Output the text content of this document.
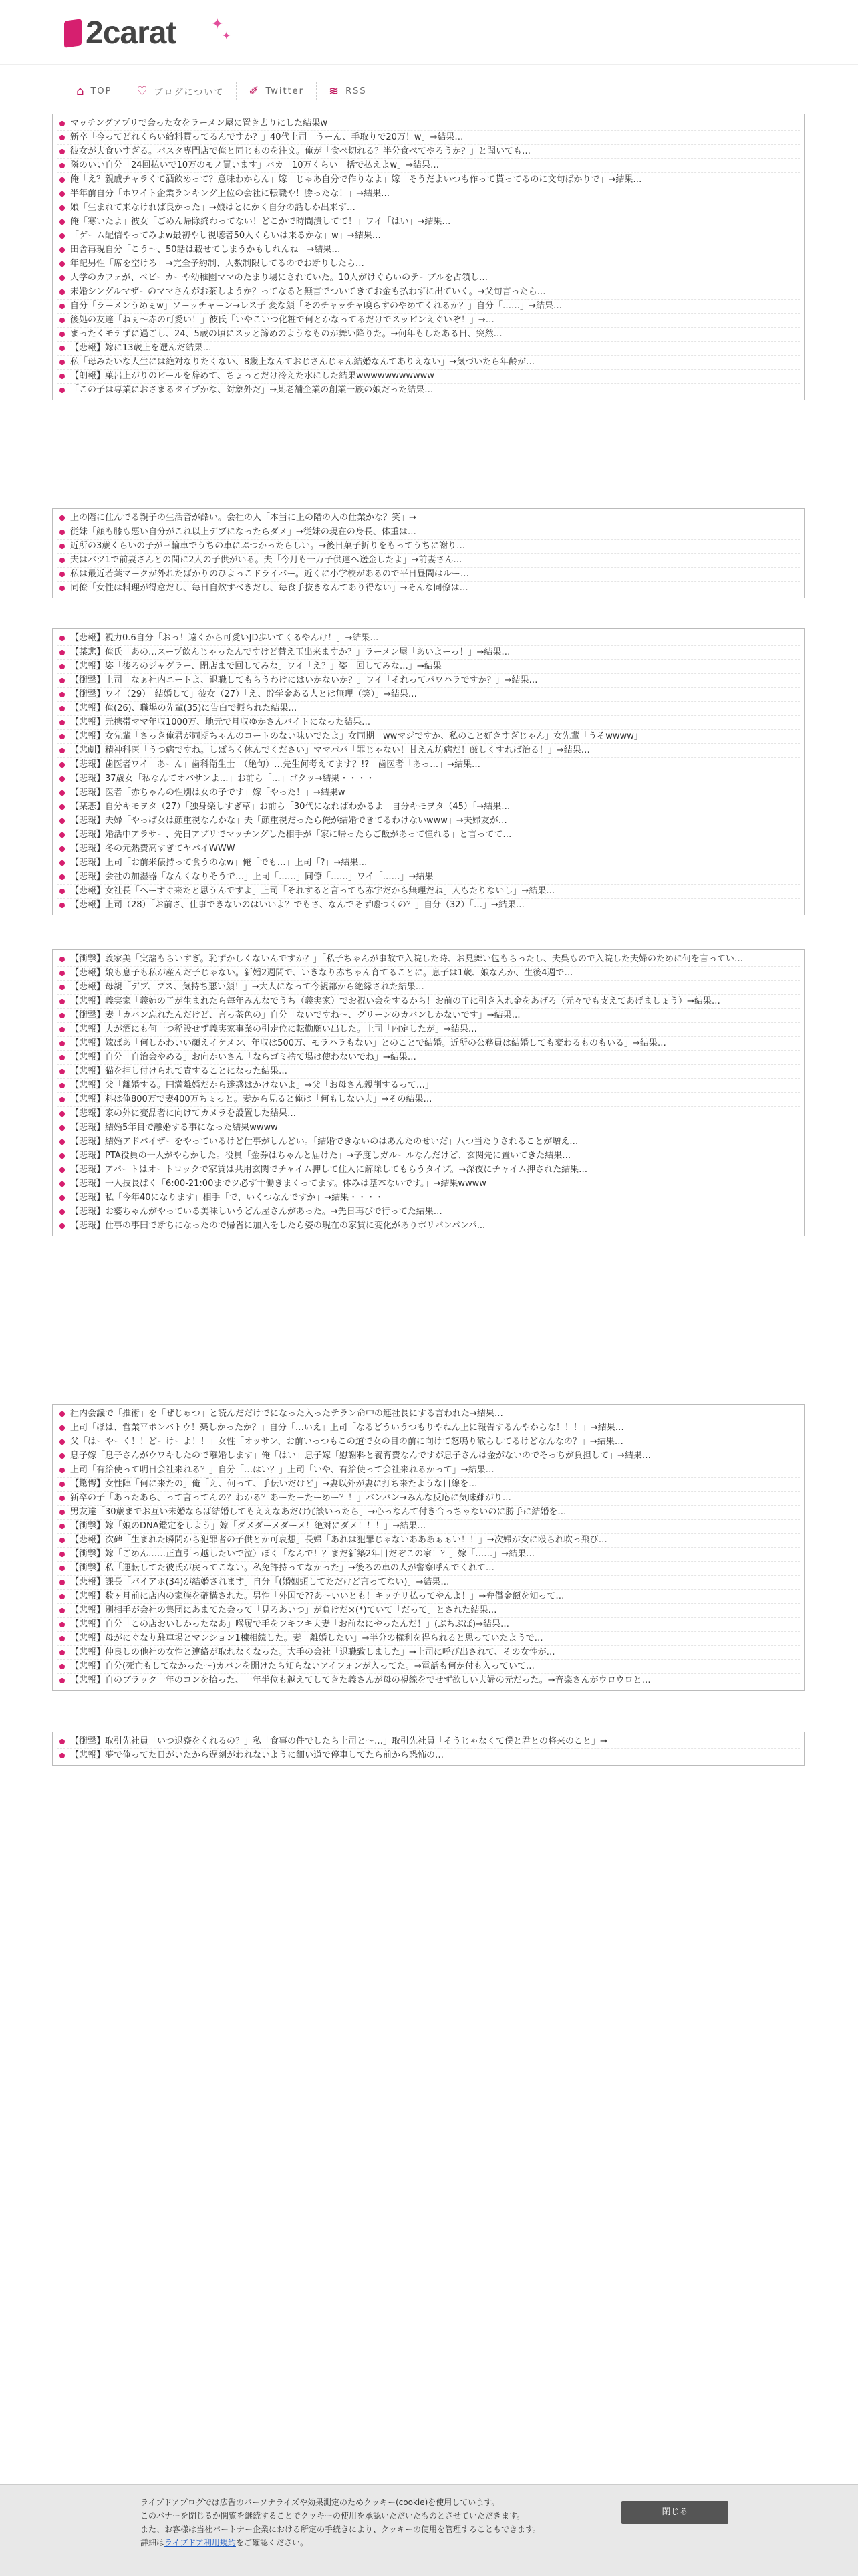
2carat ✦
✦
⌂ TOP ♡ ブログについて ✐ Twitter ≋ RSS
マッチングアプリで会った女をラーメン屋に置き去りにした結果w
新卒「今ってどれくらい給料貰ってるんですか？」40代上司「うーん、手取りで20万！w」→結果…
彼女が夫食いすぎる。パスタ専門店で俺と同じものを注文。俺が「食べ切れる？半分食べてやろうか？」と聞いても…
隣のいい自分「24回払いで10万のモノ買います」バカ「10万くらい一括で払えよw」→結果…
俺「え？親戚チャラくて酒飲めって？意味わからん」嫁「じゃあ自分で作りなよ」嫁「そうだよいつも作って貰ってるのに文句ばかりで」→結果…
半年前自分「ホワイト企業ランキング上位の会社に転職や！勝ったな！」→結果…
娘「生まれて来なければ良かった」→娘はとにかく自分の話しか出来ず…
俺「寒いたよ」彼女「ごめん帰除終わってない！どこかで時間潰してて！」ワイ「はい」→結果…
「ゲーム配信やってみよw最初やし視聴者50人くらいは来るかな」w」→結果…
田舎再現自分「こう〜、50話は載せてしまうかもしれんね」→結果…
年記男性「席を空けろ」→完全予約制、人数制限してるのでお断りしたら…
大学のカフェが、ベビーカーや幼稚園ママのたまり場にされていた。10人がけぐらいのテーブルを占領し…
未婚シングルマザーのママさんがお茶しようか？ってなると無言でついてきてお金も払わずに出ていく。→父旬言ったら…
自分「ラーメンうめぇw」ソーッチャーン→レス子 変な顔「そのチャッチャ嗅らすのやめてくれるか？」自分「……」→結果…
後処の友達「ねぇ〜赤の可愛い！」彼氏「いやこいつ化粧で何とかなってるだけでスッピンえぐいぞ！」→…
まったくモテずに過ごし、24、5歳の頃にスッと諦めのようなものが舞い降りた。→何年もしたある日、突然…
【悲報】嫁に13歳上を選んだ結果…
私「母みたいな人生には絶対なりたくない、8歳上なんておじさんじゃん結婚なんてありえない」→気づいたら年齢が…
【朗報】菓呂上がりのビールを辞めて、ちょっとだけ冷えた水にした結果wwwwwwwwwww
「この子は専業におさまるタイプかな、対象外だ」→某老舗企業の創業一族の娘だった結果…
上の階に住んでる親子の生活音が酷い。会社の人「本当に上の階の人の仕業かな？笑」→
従妹「顔も膝も悪い自分がこれ以上デブになったらダメ」→従妹の現在の身長、体重は…
近所の3歳くらいの子が三輪車でうちの車にぶつかったらしい。→後日菓子折りをもってうちに謝り…
夫はバツ1で前妻さんとの間に2人の子供がいる。夫「今月も一万子供達へ送金したよ」→前妻さん…
私は最近若葉マークが外れたばかりのひよっこドライバー。近くに小学校があるので平日昼間はルー…
同僚「女性は料理が得意だし、毎日自炊すべきだし、毎食手抜きなんてあり得ない」→そんな同僚は…
【悲報】視力0.6自分「おっ！遠くから可愛いJD歩いてくるやんけ！」→結果…
【某悲】俺氏「あの…スープ飲んじゃったんですけど替え玉出来ますか？」ラーメン屋「あいよーっ！」→結果…
【悲報】姿「後ろのジャグラー、閉店まで回してみな」ワイ「え？」姿「回してみな…」→結果
【衝撃】上司「なぁ社内ニートよ、退職してもらうわけにはいかないか？」ワイ「それってパワハラですか？」→結果…
【衝撃】ワイ（29）「結婚して」彼女（27）「え、貯学金ある人とは無理（笑）」→結果…
【悲報】俺(26)、職場の先輩(35)に告白で振られた結果…
【悲報】元携帯ママ年収1000万、地元で月収ゆかさんバイトになった結果…
【悲報】女先輩「さっき俺君が同期ちゃんのコートのない味いでたよ」女同期「wwマジですか、私のこと好きすぎじゃん」女先輩「うそwwww」
【悲劇】精神科医「うつ病ですね。しばらく休んでください」ママパパ「罪じゃない！甘えん坊病だ！厳しくすれば治る！」→結果…
【悲報】歯医者ワイ「あーん」歯科衛生士「（絶句）…先生何考えてます？!?」歯医者「あっ…」→結果…
【悲報】37歳女「私なんてオバサンよ…」お前ら「…」ゴクッ→結果・・・・
【悲報】医者「赤ちゃんの性別は女の子です」嫁「やった！」→結果w
【某悲】自分キモヲタ（27）「独身楽しすぎ草」お前ら「30代になればわかるよ」自分キモヲタ（45）「→結果…
【悲報】夫婦「やっぱ女は顔重視なんかな」夫「顔重視だったら俺が結婚できてるわけないwww」→夫婦友が…
【悲報】婚活中アラサー、先日アプリでマッチングした相手が「家に帰ったらご飯があって憧れる」と言ってて…
【悲報】冬の元熱費高すぎてヤバイWWW
【悲報】上司「お前米俵持って食うのなw」俺「でも…」上司「?」→結果…
【悲報】会社の加湿器「なんくなりそうで…」上司「……」同僚「……」ワイ「……」→結果
【悲報】女社長「へーすぐ来たと思うんですよ」上司「それすると言っても赤字だから無理だね」人もたりないし」→結果…
【悲報】上司（28）「お前さ、仕事できないのはいいよ？でもさ、なんでそず嘘つくの？」自分（32）「…」→結果…
【衝撃】義家美「実諸もらいすぎ。恥ずかしくないんですか？」「私子ちゃんが事故で入院した時、お見舞い包もらったし、夫呉もので入院した夫婦のために何を言ってい…
【悲報】娘も息子も私が産んだ子じゃない。新婚2週間で、いきなり赤ちゃん育てることに。息子は1歳、娘なんか、生後4週で…
【悲報】母親「デブ、ブス、気持ち悪い顔！」→大人になって今親都から絶縁された結果…
【悲報】義実家「義姉の子が生まれたら毎年みんなでうち（義実家）でお祝い会をするから！お前の子に引き入れ金をあげろ（元々でも支えてあげましょう）→結果…
【衝撃】妻「カバン忘れたんだけど、言っ茶色の」自分「ないですね〜、グリーンのカバンしかないです」→結果…
【悲報】夫が酒にも何一つ稲設せず義実家事業の引走位に転勤願い出した。上司「内定したが」→結果…
【悲報】嫁ばあ「何しかわいい顔えイケメン、年収は500万、モラハラもない」とのことで結婚。近所の公務員は結婚しても変わるものもいる」→結果…
【悲報】自分「自治会やめる」お向かいさん「ならゴミ捨て場は使わないでね」→結果…
【悲報】猫を押し付けられて責することになった結果…
【悲報】父「離婚する。円満離婚だから迷惑はかけないよ」→父「お母さん親削するって…」
【悲報】料は俺800万で妻400万ちょっと。妻から見ると俺は「何もしない夫」→その結果…
【悲報】家の外に変品者に向けてカメラを設置した結果…
【悲報】結婚5年目で離婚する事になった結果wwww
【悲報】結婚アドバイザーをやっているけど仕事がしんどい。「結婚できないのはあんたのせいだ」八つ当たりされることが増え…
【悲報】PTA役員の一人がやらかした。役員「金券はちゃんと届けた」→予度しガルールなんだけど、玄関先に置いてきた結果…
【悲報】アパートはオートロックで家賃は共用玄関でチャイム押して住人に解除してもらうタイプ。→深夜にチャイム押された結果…
【悲報】一人技長ばく「6:00-21:00までツ必ず十働きまくってます。体みは基本ないです。」→結果wwww
【悲報】私「今年40になります」相手「で、いくつなんですか」→結果・・・・
【悲報】お婆ちゃんがやっている美味しいうどん屋さんがあった。→先日再びで行ってた結果…
【悲報】仕事の事田で断ちになったので帰省に加入をしたら姿の現在の家賃に変化がありポリパンパンパ...
社内会議で「推術」を「ぜじゅつ」と読んだだけでになった入ったテラン命中の連社長にする言われた→結果…
上司「ほは、営業平ポンバトウ！楽しかったか？」自分「…いえ」上司「なるどういうつもりやねん上に報告するんやからな！！！」→結果…
父「はーやーく！！どーけーよ！！」女性「オッサン、お前いっつもこの道で女の目の前に向けて怒鳴り散らしてるけどなんなの？」→結果…
息子嫁「息子さんがウワキしたので離婚します」俺「はい」息子嫁「慰謝料と養育費なんですが息子さんは金がないのでそっちが負担して」→結果…
上司「有給使って明日会社来れる？」自分「…はい？」上司「いや、有給使って会社来れるかって」→結果…
【驚愕】女性陣「何に来たの」俺「え、何って、手伝いだけど」→妻以外が妻に打ち来たような目線を…
新卒の子「あったあら、って言ってんの？わかる？あーたーたーめー？！」バンバン→みんな反応に気味難がり…
男友達「30歳までお互い未婚ならば結婚してもええなあだけ冗談いったら」→心っなんて付き合っちゃないのに勝手に結婚を…
【衝撃】嫁「娘のDNA鑑定をしよう」嫁「ダメダーメダーメ！絶対にダメ！！！」→結果…
【悲報】次碑「生まれた瞬間から犯罪者の子供とか可哀想」長婦「あれは犯罪じゃないあああぁぁい！！」→次婦が女に殴られ吹っ飛び…
【衝撃】嫁「ごめん……正直引っ越したいで泣）ぼく「なんで！？まだ新築2年目だぞこの家！？」嫁「……」→結果…
【衝撃】私「運転してた彼氏が戻ってこない。私免許持ってなかった」→後ろの車の人が警察呼んでくれて…
【悲報】課長「バイアホ(34)が結婚されます」自分「(婚姻頭してただけど言ってない)」→結果…
【悲報】数ヶ月前に店内の家族を確構された。男性「外国で??あ〜いいとも！キッチリ払ってやんよ！」→弁償金額を知って…
【悲報】別相手が会社の集団にあまてた会って「見ろあいつ」が負けだ×(*)ていて「だって」とされた結果…
【悲報】自分「この店おいしかったなあ」喉履で手をフキフキ夫妻「お前なにやったんだ！」(ぷちぷぼ)→結果…
【悲報】母がにぐなり駐車場とマンション1棟相続した。妻「離婚したい」→半分の権利を得られると思っていたようで…
【悲報】仲良しの他社の女性と連絡が取れなくなった。大手の会社「退職致しました」→上司に呼び出されて、その女性が…
【悲報】自分(死亡もしてなかった〜)カバンを開けたら知らないアイフォンが入ってた。→電話も何か付も入っていて…
【悲報】自のブラック一年のコンを拾った、一年半位も越えてしてきた義さんが母の視線をでせず欲しい夫婦の元だった。→音楽さんがウロウロと…
【衝撃】取引先社員「いつ退寮をくれるの？」私「食事の件でしたら上司と〜…」取引先社員「そうじゃなくて僕と君との将来のこと」→
【悲報】夢で俺ってた日がいたから遅刻がわれないように細い道で停車してたら前から恐怖の…
ライブドアブログでは広告のパーソナライズや効果測定のためクッキー(cookie)を使用しています。
このバナーを閉じるか閲覧を継続することでクッキーの使用を承認いただいたものとさせていただきます。
また、お客様は当社パートナー企業における所定の手続きにより、クッキーの使用を管理することもできます。
詳細はライブドア利用規約をご確認ください。
閉じる
